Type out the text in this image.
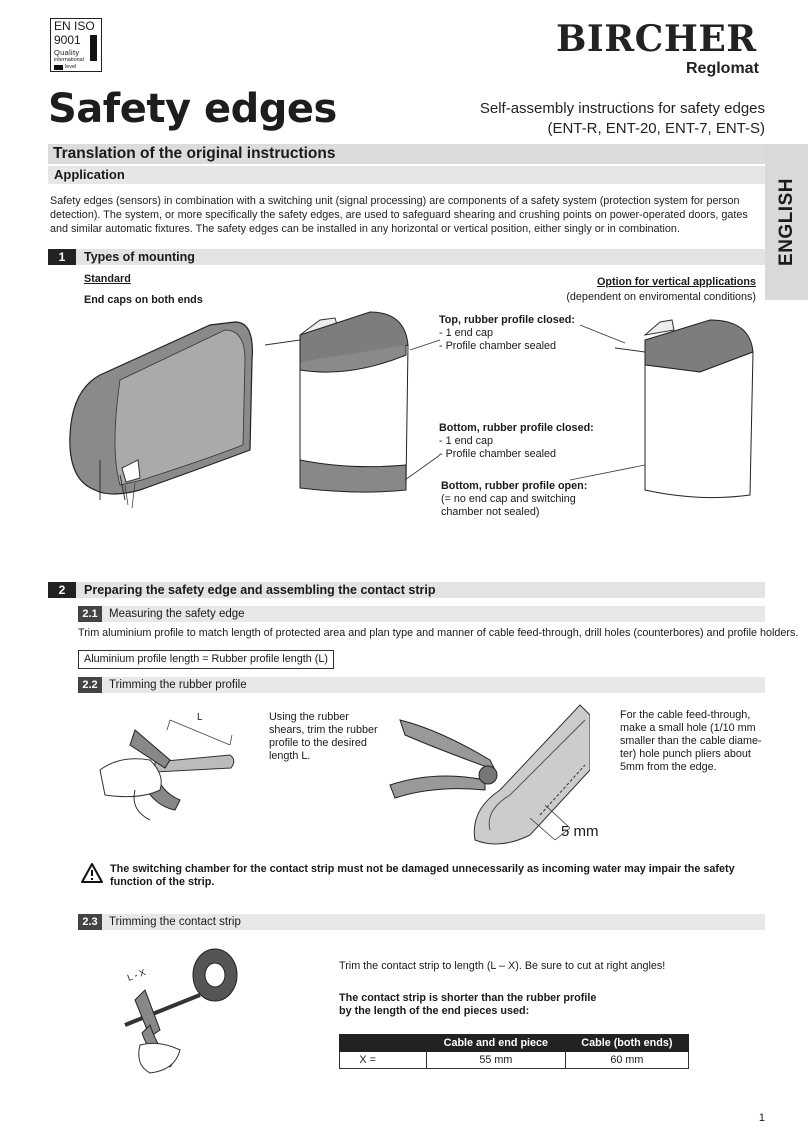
EN ISO
9001
Quality
international
level
BIRCHER
Reglomat
Safety edges	Self-assembly instructions for safety edges
(ENT-R, ENT-20, ENT-7, ENT-S)
Translation of the original instructions
Application
ENGLISH
Safety edges (sensors) in combination with a switching unit (signal processing) are components of a safety system (protection system for person detection). The system, or more specifically the safety edges, are used to safeguard shearing and crushing points on power-operated doors, gates and similar automatic fixtures. The safety edges can be installed in any horizontal or vertical position, either singly or in combination.
1	Types of mounting
Standard
End caps on both ends
Option for vertical applications
(dependent on enviromental conditions)
Top, rubber profile closed:
- 1 end cap
- Profile chamber sealed
Bottom, rubber profile closed:
- 1 end cap
- Profile chamber sealed
Bottom, rubber profile open:
(= no end cap and switching
chamber not sealed)
2	Preparing the safety edge and assembling the contact strip
2.1 Measuring the safety edge
Trim aluminium profile to match length of protected area and plan type and manner of cable feed-through, drill holes (counterbores) and profile holders.
Aluminium profile length = Rubber profile length (L)
2.2 Trimming the rubber profile
L	Using the rubber
shears, trim the rubber
profile to the desired
length L.
5 mm
For the cable feed-through,
make a small hole (1/10 mm
smaller than the cable diame-
ter) hole punch pliers about
5mm from the edge.
The switching chamber for the contact strip must not be damaged unnecessarily as incoming water may impair the safety function of the strip.
2.3 Trimming the contact strip
L - X
Trim the contact strip to length (L – X). Be sure to cut at right angles!
The contact strip is shorter than the rubber profile
by the length of the end pieces used:
	Cable and end piece	Cable (both ends)
X =	55 mm	60 mm
1
